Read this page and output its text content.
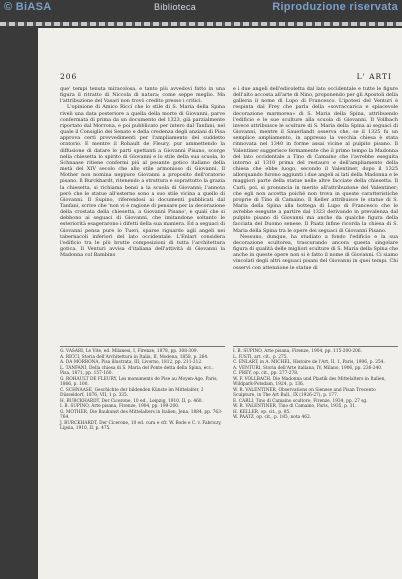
© BiASA	Biblioteca	Riproduzione riservata
206	L' ARTI

que' tempi tenuta miracolosa, e tanto più avvedovi fatto in una figura il ritratto di Niccola di natura; come seppe meglio. Ma l'attribuzione del Vasari non trovò credito presso i critici.

L'opinione di Amico Ricci che lo stile di S. Maria della Spina riveli una data posteriore a quella della morte di Giovanni, parve confermata di prima da un documento del 1323, già parzialmente riportato dal Morrona, e poi pubblicato per intero dal Tanfani, nel quale il Consiglio dei Senato e della credenza degli anziani di Pisa approva certi provvedimenti per l'ampliamento del suddetto oratorio. E mentre il Rohault de Fleury, pur ammettendo la diffusione di datare le parti spettanti a Giovanni Pisano, scorge nella chiesetta lo spirito di Giovanni e lo stile della sua scuola, lo Schnaase ritiene confermi più al pesante gotico italiano della metà del XIV secolo che allo stile armonioso di Giovanni. Il Mother non nomina neppure Giovanni a proposito dell'oratorio pisano. Il Burckhardt, ritenendo a struttura e soprattutto la grazia la chiesetta, si richiama bensì a la scuola di Giovanni; l'annota però che le statue all'esterno sono a suo stile vicina a quello di Giovanni. Il Supino, riferendosi ai documenti pubblicati dal Tanfani, scrive che 'non vi è ragione di pensare per la decorazione della crostata della chiesetta, a Giovanni Pisano', e quali che si debbono ai seguaci di Giovanni, che imitandone soltanto le esteriorità esagerarono i difetti della sua maniera. Ed a seguaci di Giovanni pensa pure lo Tueri, sparse riguardo agli angeli nei tabernacoli inferiori del lato occidentale. L'Enlart considera l'edificio tra le più brutte composizioni di tutta l'architettura gotica. Il Venturi avvisa d'italiana dell'attività di Giovanni la Madonna col Bambino

e i due angeli dell'edicoletta dal lato occidentale e tutte le figure dell'alto accosta all'arte di Nino, proponendo per gli Apostoli della galleria il nome di Lupo di Francesco. L'ipotesi del Venturi è respinta dal Frey che parla della «sovraccarica e spiacevole decorazione marmorea» di S. Maria della Spina, attribuendo l'edificio e le sue sculture alla scuola di Giovanni. Il Vollbach invece attribuisce le sculture di S. Maria della Spina ai seguaci di Giovanni, mentre il Sauerlandt osserva che, se il 1325 fu un semplice ampliamento, in appresso la vecchia chiesa è stata rinnovata nel 1340 in forme assai vicine al pulpito pisano. Il Valentiner suggerisce fermamente che il primo tempo la Madonna del lato occidentale a Tino di Camaino che l'avrebbe eseguita intorno al 1310 prima del restauro e dell'ampliamento della chiesa che ebbe luogo, secondo il Valentiner, dopo il 1325 allorquando furono aggiunti i due angeli ai lati della Madonna e le maggiori parte della statue nelle altre facciate della chiesetta. Il Carli, poi, si pronuncia in merito all'attribuzione del Valentiner; che egli non accetta poiché non trova in queste caratteristiche proprie di Tino di Camaino. Il Keller attribuisce le statue di S. Maria della Spina alla bottega di Lupo di Francesco che le avrebbe eseguite a partire dal 1323 derivando in prevalenza dal pulpito pisano di Giovanni ma anche da qualche figura della facciata del Duomo senese. Il Paatz infine ricorda la chiesa di S. Maria della Spina tra le opere dei seguaci di Giovanni Pisano.

Nessuno, dunque, ha studiato a fondo l'edificio e la sua decorazione scultorea, trascurando ancora questa singolare figura di qualità delle migliori sculture di S. Maria della Spina che anche in queste opere non si è fatto il nome di Giovanni. Ci siamo vincolati degli altri seguaci pisani del Giovanni in quei tempi. Chi osservi con attenzione le statue di

G. VASARI, Le Vite, ed. Milanesi, I, Firenze, 1878, pp. 308-309.
A. RICCI, Storia dell'Architettura in Italia, II, Modena, 1858, p. 264.
A. DA MORRONA, Pisa illustrata, III, Livorno, 1812, pp. 211-212.
L. TANFANI, Della chiesa di S. Maria del Ponte detta della Spina, ecc., Pisa, 1871, pp. 157-160.
G. ROHAULT DE FLEURY, Les monuments de Pise au Moyen-Age, Paris, 1866, p. 100.
C. SCHNAASE, Geschichte der bildenden Künste im Mittelalter, 2 Düsseldorf, 1876, VII, 1 p. 335.
H. BURCKHARDT, Der Cicerone, 10 ed., Leipzig, 1910, II, p. 460.
I. B. SUPINO, Arte pisana, Firenze, 1904, pp. 199-200.
G. MOTHER, Die Baukunst des Mittelalters in Italien, Jena, 1884, pp. 763-764.
J. BURCKHARDT, Der Cicerone, 10 ed. cura e cfr. W. Bode e C. v. Fabriczy, Lipsia, 1910, II, p. 475.
I. B. SUPINO, Arte pisana, Firenze, 1904, pp. 115-200-206.
L. IUSTI, art. cit., p. 275.
C. ENLART, in A. MICHEL, Histoire de l'Art, II, 1, Paris, 1906, p. 254.
A. VENTURI, Storia dell'Arte italiana, IV, Milano, 1906, pp. 236-240.
C. FREY, op. cit., pp. 277-278.
W. F. VOLLBACH, Die Madonna und Plastik des Mittelalters in Italien, Wildpark-Potsdam, 1924, p. 136.
W. R. VALENTINER, Observations on Sienese and Pisan Trecento Sculpture, in The Art Bull., IX (1926-27), p. 177.
E. CARLI, Tino di Camaino scultore, Firenze, 1934, pp. 27 sg.
W. R. VALENTINER, Tino di Camaino, Paris, 1935, p. 31.
H. KELLER, op. cit., p. 85.
W. PAATZ, op. cit., p. 185, nota 462.
